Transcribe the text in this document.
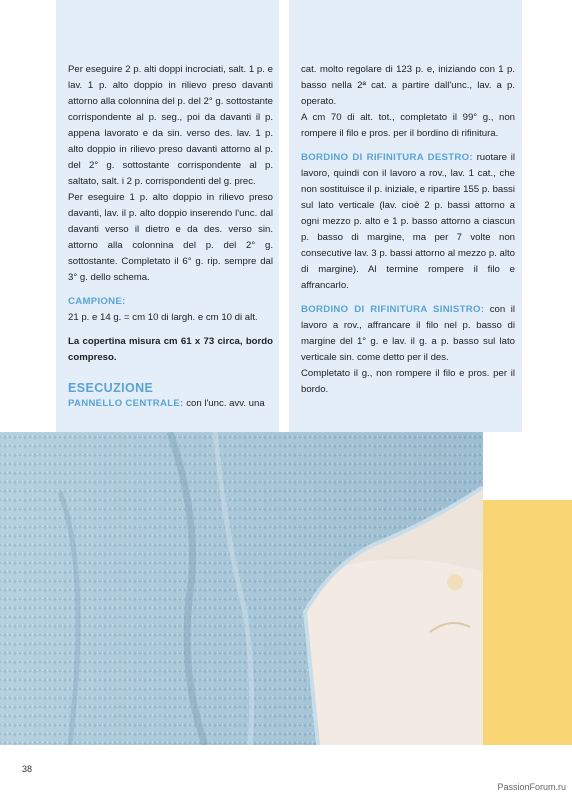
Per eseguire 2 p. alti doppi incrociati, salt. 1 p. e lav. 1 p. alto doppio in rilievo preso davanti attorno alla colonnina del p. del 2° g. sottostante corrispondente al p. seg., poi da davanti il p. appena lavorato e da sin. verso des. lav. 1 p. alto doppio in rilievo preso davanti attorno al p. del 2° g. sottostante corrispondente al p. saltato, salt. i 2 p. corrispondenti del g. prec.

Per eseguire 1 p. alto doppio in rilievo preso davanti, lav. il p. alto doppio inserendo l'unc. dal davanti verso il dietro e da des. verso sin. attorno alla colonnina del p. del 2° g. sottostante. Completato il 6° g. rip. sempre dal 3° g. dello schema.

CAMPIONE:

21 p. e 14 g. = cm 10 di largh. e cm 10 di alt.

La copertina misura cm 61 x 73 circa, bordo compreso.

ESECUZIONE

PANNELLO CENTRALE: con l'unc. avv. una

cat. molto regolare di 123 p. e, iniziando con 1 p. basso nella 2ª cat. a partire dall'unc., lav. a p. operato.

A cm 70 di alt. tot., completato il 99° g., non rompere il filo e pros. per il bordino di rifinitura.

BORDINO DI RIFINITURA DESTRO: ruotare il lavoro, quindi con il lavoro a rov., lav. 1 cat., che non sostituisce il p. iniziale, e ripartire 155 p. bassi sul lato verticale (lav. cioè 2 p. bassi attorno a ogni mezzo p. alto e 1 p. basso attorno a ciascun p. basso di margine, ma per 7 volte non consecutive lav. 3 p. bassi attorno al mezzo p. alto di margine). Al termine rompere il filo e affrancarlo.

BORDINO DI RIFINITURA SINISTRO: con il lavoro a rov., affrancare il filo nel p. basso di margine del 1° g. e lav. il g. a p. basso sul lato verticale sin. come detto per il des.

Completato il g., non rompere il filo e pros. per il bordo.

38
PassionForum.ru
